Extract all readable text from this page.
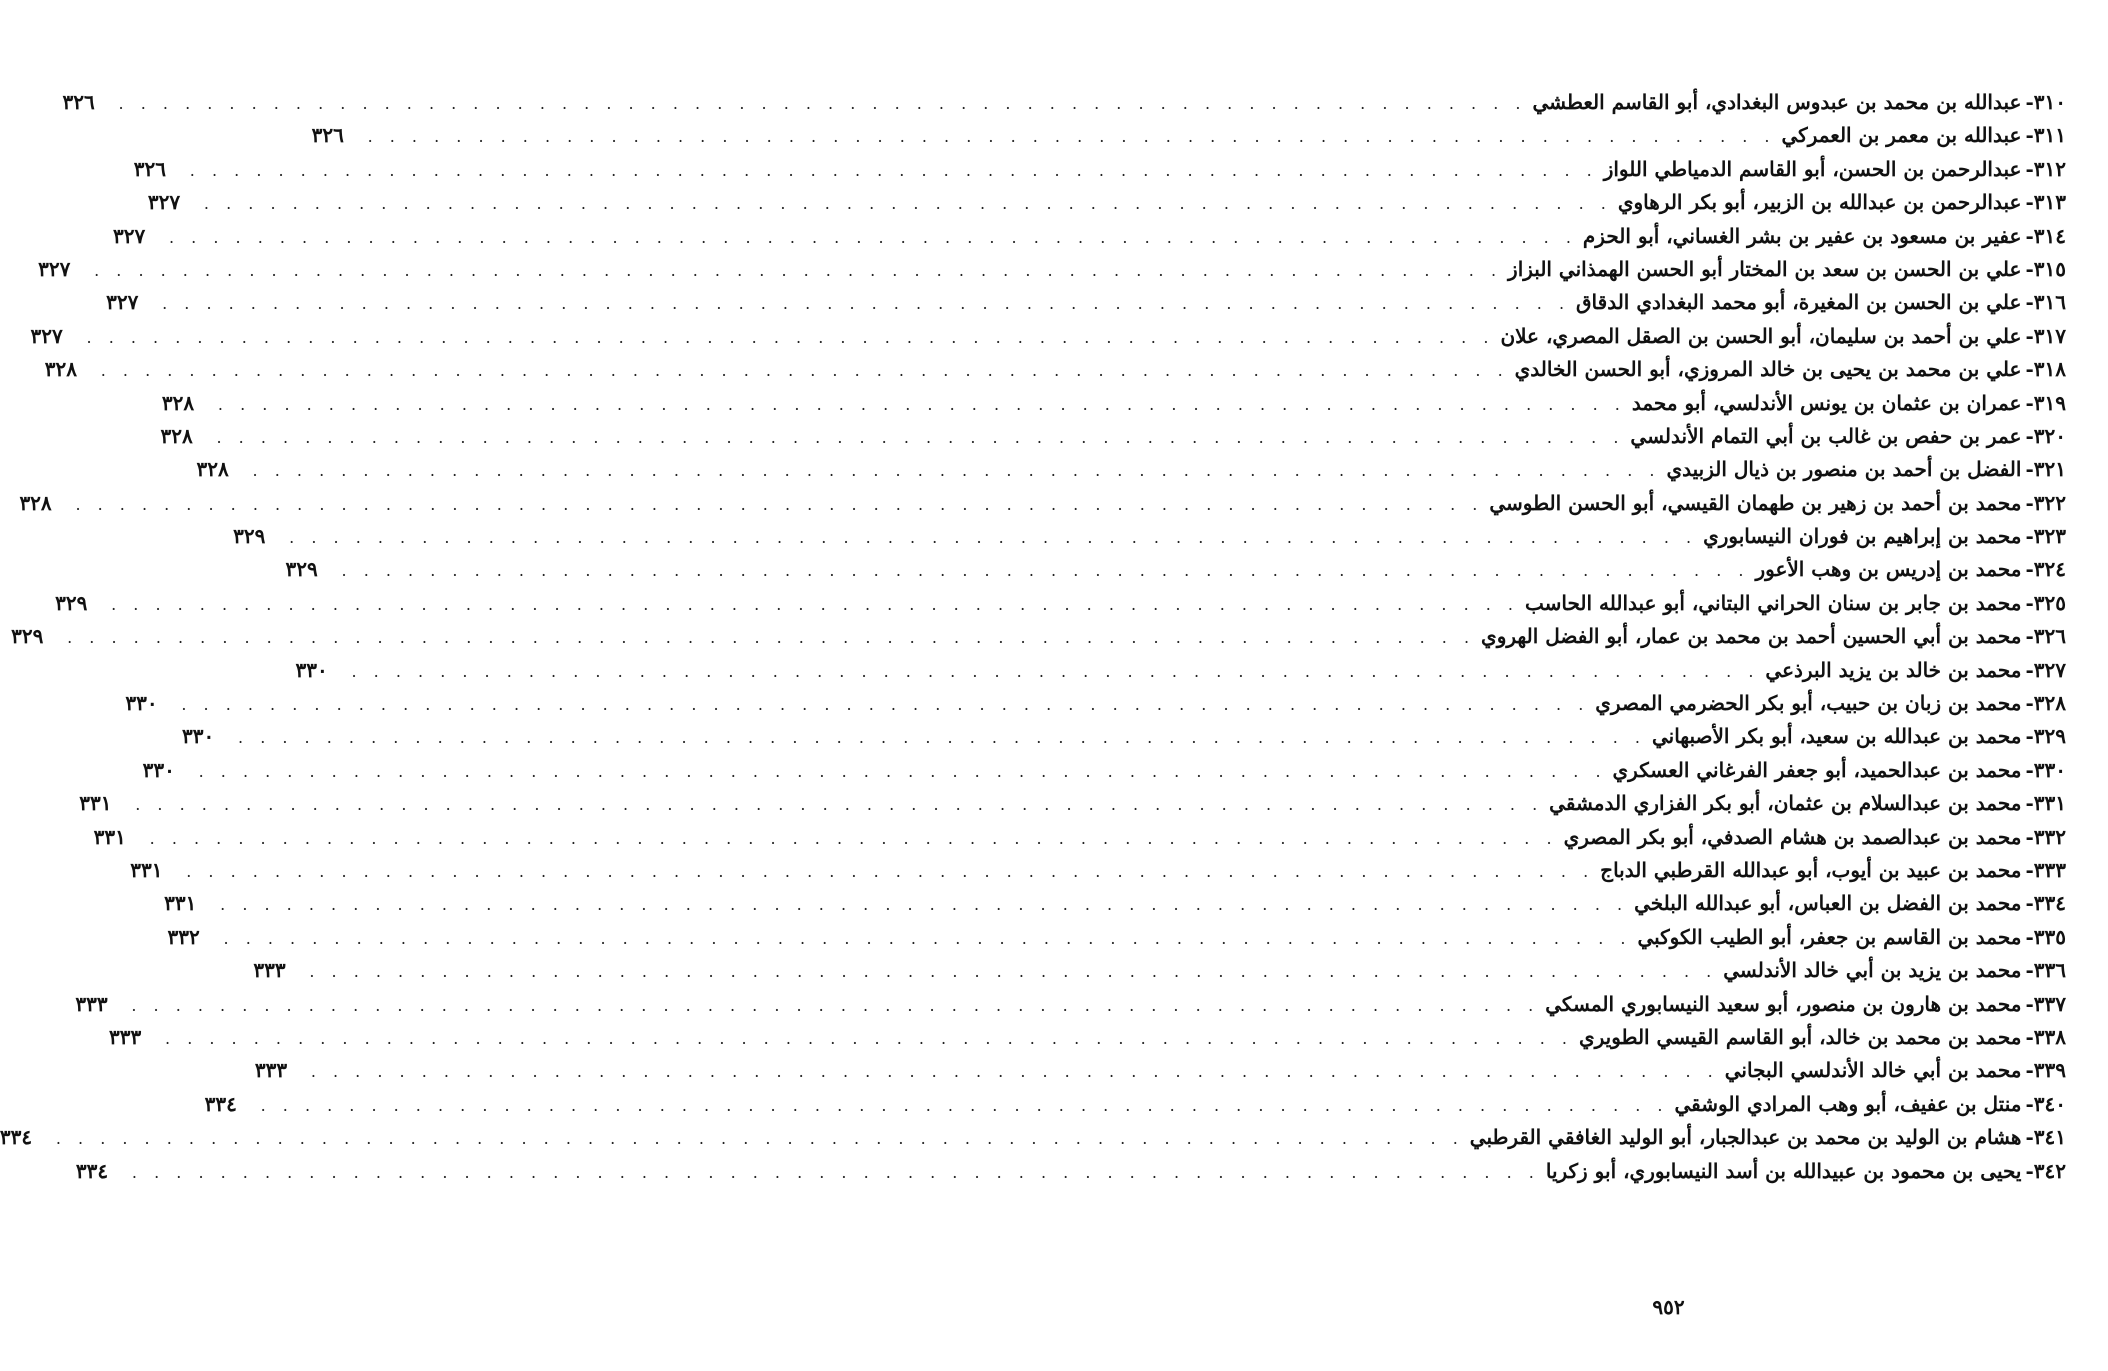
٣١٠-
عبدالله بن محمد بن عبدوس البغدادي، أبو القاسم العطشي
. . .
٣٢٦
٣١١-
عبدالله بن معمر بن العمركي
. . .
٣٢٦
٣١٢-
عبدالرحمن بن الحسن، أبو القاسم الدمياطي اللواز
. . .
٣٢٦
٣١٣-
عبدالرحمن بن عبدالله بن الزبير، أبو بكر الرهاوي
. . .
٣٢٧
٣١٤-
عفير بن مسعود بن عفير بن بشر الغساني، أبو الحزم
. . .
٣٢٧
٣١٥-
علي بن الحسن بن سعد بن المختار أبو الحسن الهمذاني البزاز
. . .
٣٢٧
٣١٦-
علي بن الحسن بن المغيرة، أبو محمد البغدادي الدقاق
. . .
٣٢٧
٣١٧-
علي بن أحمد بن سليمان، أبو الحسن بن الصقل المصري، علان
. . .
٣٢٧
٣١٨-
علي بن محمد بن يحيى بن خالد المروزي، أبو الحسن الخالدي
. . .
٣٢٨
٣١٩-
عمران بن عثمان بن يونس الأندلسي، أبو محمد
. . .
٣٢٨
٣٢٠-
عمر بن حفص بن غالب بن أبي التمام الأندلسي
. . .
٣٢٨
٣٢١-
الفضل بن أحمد بن منصور بن ذيال الزبيدي
. . .
٣٢٨
٣٢٢-
محمد بن أحمد بن زهير بن طهمان القيسي، أبو الحسن الطوسي
. . .
٣٢٨
٣٢٣-
محمد بن إبراهيم بن فوران النيسابوري
. . .
٣٢٩
٣٢٤-
محمد بن إدريس بن وهب الأعور
. . .
٣٢٩
٣٢٥-
محمد بن جابر بن سنان الحراني البتاني، أبو عبدالله الحاسب
. . .
٣٢٩
٣٢٦-
محمد بن أبي الحسين أحمد بن محمد بن عمار، أبو الفضل الهروي
. . .
٣٢٩
٣٢٧-
محمد بن خالد بن يزيد البرذعي
. . .
٣٣٠
٣٢٨-
محمد بن زبان بن حبيب، أبو بكر الحضرمي المصري
. . .
٣٣٠
٣٢٩-
محمد بن عبدالله بن سعيد، أبو بكر الأصبهاني
. . .
٣٣٠
٣٣٠-
محمد بن عبدالحميد، أبو جعفر الفرغاني العسكري
. . .
٣٣٠
٣٣١-
محمد بن عبدالسلام بن عثمان، أبو بكر الفزاري الدمشقي
. . .
٣٣١
٣٣٢-
محمد بن عبدالصمد بن هشام الصدفي، أبو بكر المصري
. . .
٣٣١
٣٣٣-
محمد بن عبيد بن أيوب، أبو عبدالله القرطبي الدباج
. . .
٣٣١
٣٣٤-
محمد بن الفضل بن العباس، أبو عبدالله البلخي
. . .
٣٣١
٣٣٥-
محمد بن القاسم بن جعفر، أبو الطيب الكوكبي
. . .
٣٣٢
٣٣٦-
محمد بن يزيد بن أبي خالد الأندلسي
. . .
٣٣٣
٣٣٧-
محمد بن هارون بن منصور، أبو سعيد النيسابوري المسكي
. . .
٣٣٣
٣٣٨-
محمد بن محمد بن خالد، أبو القاسم القيسي الطويري
. . .
٣٣٣
٣٣٩-
محمد بن أبي خالد الأندلسي البجاني
. . .
٣٣٣
٣٤٠-
منتل بن عفيف، أبو وهب المرادي الوشقي
. . .
٣٣٤
٣٤١-
هشام بن الوليد بن محمد بن عبدالجبار، أبو الوليد الغافقي القرطبي
. . .
٣٣٤
٣٤٢-
يحيى بن محمود بن عبيدالله بن أسد النيسابوري، أبو زكريا
. . .
٣٣٤
٩٥٢
